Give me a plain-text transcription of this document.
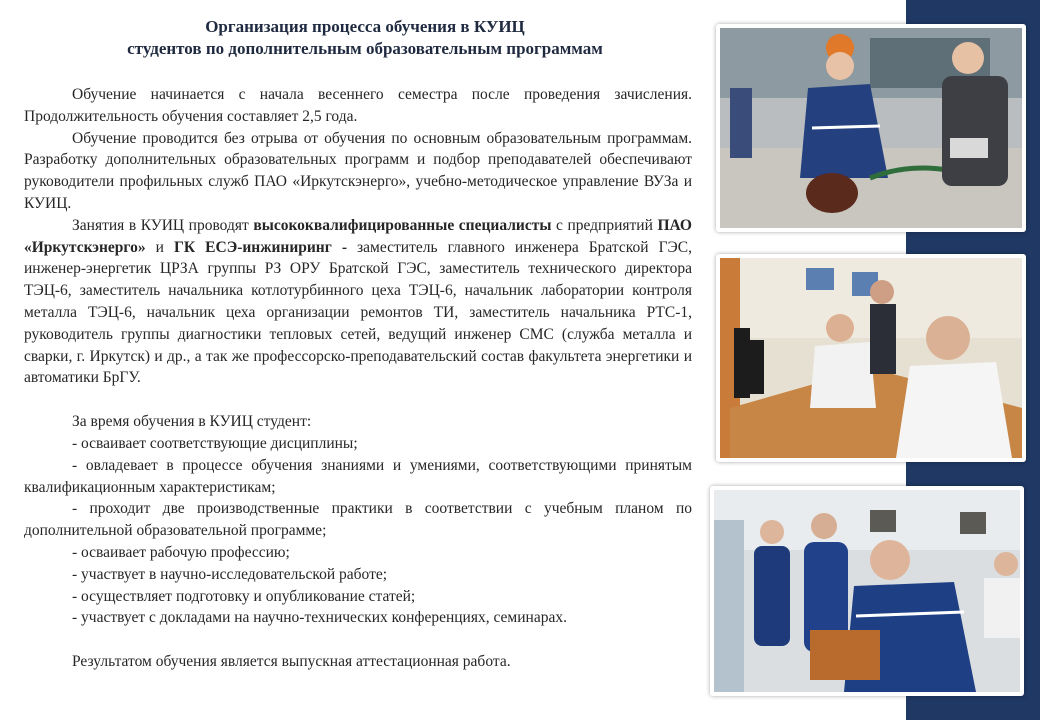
Организация процесса обучения в КУИЦ
студентов по дополнительным образовательным программам

Обучение начинается с начала весеннего семестра после проведения зачисления. Продолжительность обучения составляет 2,5 года.

Обучение проводится без отрыва от обучения по основным образовательным программам. Разработку дополнительных образовательных программ и подбор преподавателей обеспечивают руководители профильных служб ПАО «Иркутскэнерго», учебно-методическое управление ВУЗа и КУИЦ.

Занятия в КУИЦ проводят высококвалифицированные специалисты с предприятий ПАО «Иркутскэнерго» и ГК ЕСЭ-инжиниринг - заместитель главного инженера Братской ГЭС, инженер-энергетик ЦРЗА группы РЗ ОРУ Братской ГЭС, заместитель технического директора ТЭЦ-6, заместитель начальника котлотурбинного цеха ТЭЦ-6, начальник лаборатории контроля металла ТЭЦ-6, начальник цеха организации ремонтов ТИ, заместитель начальника РТС-1, руководитель группы диагностики тепловых сетей, ведущий инженер СМС (служба металла и сварки, г. Иркутск) и др., а так же профессорско-преподавательский состав факультета энергетики и автоматики БрГУ.

За время обучения в КУИЦ студент:

- осваивает соответствующие дисциплины;

- овладевает в процессе обучения знаниями и умениями, соответствующими принятым квалификационным характеристикам;

- проходит две производственные практики в соответствии с учебным планом по дополнительной образовательной программе;

- осваивает рабочую профессию;

- участвует в научно-исследовательской работе;

- осуществляет подготовку и опубликование статей;

- участвует с докладами на научно-технических конференциях, семинарах.

Результатом обучения является выпускная аттестационная работа.
